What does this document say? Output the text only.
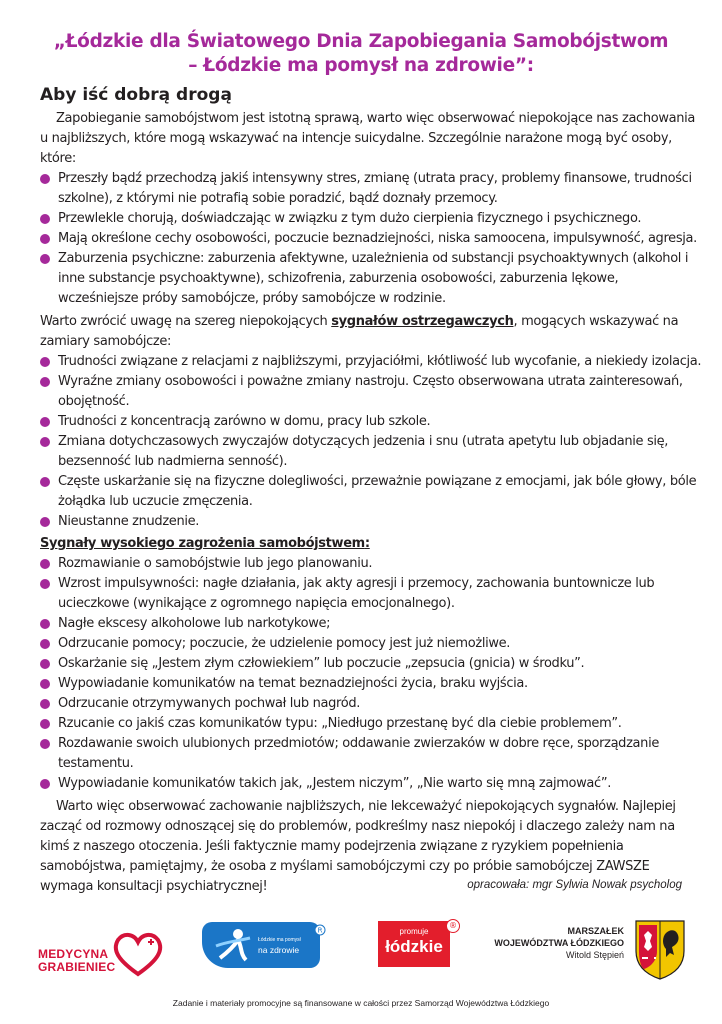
„Łódzkie dla Światowego Dnia Zapobiegania Samobójstwom
– Łódzkie ma pomysł na zdrowie”:
Aby iść dobrą drogą

Zapobieganie samobójstwom jest istotną sprawą, warto więc obserwować niepokojące nas zachowania u najbliższych, które mogą wskazywać na intencje suicydalne. Szczególnie narażone mogą być osoby, które:

Przeszły bądź przechodzą jakiś intensywny stres, zmianę (utrata pracy, problemy finansowe, trudności szkolne), z którymi nie potrafią sobie poradzić, bądź doznały przemocy.
Przewlekle chorują, doświadczając w związku z tym dużo cierpienia fizycznego i psychicznego.
Mają określone cechy osobowości, poczucie beznadziejności, niska samoocena, impulsywność, agresja.
Zaburzenia psychiczne: zaburzenia afektywne, uzależnienia od substancji psychoaktywnych (alkohol i inne substancje psychoaktywne), schizofrenia, zaburzenia osobowości, zaburzenia lękowe, wcześniejsze próby samobójcze, próby samobójcze w rodzinie.

Warto zwrócić uwagę na szereg niepokojących sygnałów ostrzegawczych, mogących wskazywać na zamiary samobójcze:

Trudności związane z relacjami z najbliższymi, przyjaciółmi, kłótliwość lub wycofanie, a niekiedy izolacja.
Wyraźne zmiany osobowości i poważne zmiany nastroju. Często obserwowana utrata zainteresowań, obojętność.
Trudności z koncentracją zarówno w domu, pracy lub szkole.
Zmiana dotychczasowych zwyczajów dotyczących jedzenia i snu (utrata apetytu lub objadanie się, bezsenność lub nadmierna senność).
Częste uskarżanie się na fizyczne dolegliwości, przeważnie powiązane z emocjami, jak bóle głowy, bóle żołądka lub uczucie zmęczenia.
Nieustanne znudzenie.
Sygnały wysokiego zagrożenia samobójstwem:
Rozmawianie o samobójstwie lub jego planowaniu.
Wzrost impulsywności: nagłe działania, jak akty agresji i przemocy, zachowania buntownicze lub ucieczkowe (wynikające z ogromnego napięcia emocjonalnego).
Nagłe ekscesy alkoholowe lub narkotykowe;
Odrzucanie pomocy; poczucie, że udzielenie pomocy jest już niemożliwe.
Oskarżanie się „Jestem złym człowiekiem” lub poczucie „zepsucia (gnicia) w środku”.
Wypowiadanie komunikatów na temat beznadziejności życia, braku wyjścia.
Odrzucanie otrzymywanych pochwał lub nagród.
Rzucanie co jakiś czas komunikatów typu: „Niedługo przestanę być dla ciebie problemem”.
Rozdawanie swoich ulubionych przedmiotów; oddawanie zwierzaków w dobre ręce, sporządzanie testamentu.
Wypowiadanie komunikatów takich jak, „Jestem niczym”, „Nie warto się mną zajmować”.

Warto więc obserwować zachowanie najbliższych, nie lekceważyć niepokojących sygnałów. Najlepiej zacząć od rozmowy odnoszącej się do problemów, podkreślmy nasz niepokój i dlaczego zależy nam na kimś z naszego otoczenia. Jeśli faktycznie mamy podejrzenia związane z ryzykiem popełnienia samobójstwa, pamiętajmy, że osoba z myślami samobójczymi czy po próbie samobójczej ZAWSZE wymaga konsultacji psychiatrycznej!	opracowała: mgr Sylwia Nowak psycholog
MEDYCYNA
GRABIENIEC
Łódzkie ma pomysł
na zdrowie
R	promuje
łódzkie
®
MARSZAŁEK
WOJEWÓDZTWA ŁÓDZKIEGO
Witold Stępień
Zadanie i materiały promocyjne są finansowane w całości przez Samorząd Województwa Łódzkiego
